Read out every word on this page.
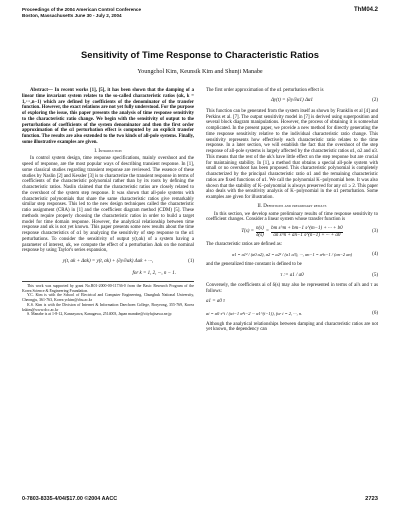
Proceedings of the 2004 American Control Conference
Boston, Massachusetts June 30 - July 2, 2004
ThM04.2
Sensitivity of Time Response to Characteristic Ratios
Youngchol Kim, Keunsik Kim and Shunji Manabe

Abstract— In recent works [1], [5], it has been shown that the damping of a linear time invariant system relates to the so-called characteristic ratios (αk, k = 1,···,n−1) which are defined by coefficients of the denominator of the transfer function. However, the exact relations are not yet fully understood. For the purpose of exploring the issue, this paper presents the analysis of time response sensitivity to the characteristic ratio change. We begin with the sensitivity of output to the perturbations of coefficients of the system denominator and then the first order approximation of the α1 perturbation effect is computed by an explicit transfer function. The results are also extended to the two kinds of all-pole systems. Finally, some illustrative examples are given.

I. Introduction

In control system design, time response specifications, mainly overshoot and the speed of response, are the most popular ways of describing transient response. In [1], some classical studies regarding transient response are reviewed. The essence of these studies by Naslin [2] and Kessler [3] is to characterize the transient response in terms of coefficients of the characteristic polynomial rather than by its roots by defining the characteristic ratios. Naslin claimed that the characteristic ratios are closely related to the overshoot of the system step response. It was shown that all-pole systems with characteristic polynomials that share the same characteristic ratios give remarkably similar step responses. This led to the new design techniques called the characteristic ratio assignment (CRA) in [1] and the coefficient diagram method (CDM) [5]. These methods require properly choosing the characteristic ratios in order to build a target model for time domain response. However, the analytical relationship between time response and αk is not yet known. This paper presents some new results about the time response characteristics of α1 by analyzing the sensitivity of step response to the α1 perturbations. To consider the sensitivity of output y(t,αk) of a system having a parameter of interest, αk, we compute the effect of a perturbation Δαk on the nominal response by using Taylor's series expansion,

y(t, αk + Δαk) = y(t, αk) + (∂y/∂αk) Δαk + ···,	(1)
for k = 1, 2, ···, n − 1.

This work was supported by grant No.R01-2000-00-11736-0 from the Basic Research Program of the Korea Science & Engineering Foundation.

Y.C. Kim is with the School of Electrical and Computer Engineering, Chungbuk National University, Cheongju, 361-763, Korea yckim@cbu.ac.kr

K.S. Kim is with the Division of Internet & Information Daechoen College, Boryeong, 355-769, Korea kskim@www.dcc.ac.kr

S. Manabe is at 1-8-12, Kanazyawa, Kanagawa, 2514003, Japan manabe@cityfujisawa.ne.jp

The first order approximation of the α1 perturbation effect is

Δy(t) = (∂y/∂α1) Δα1	(2)

This function can be generated from the system itself as shown by Franklin et al [4] and Perkins et al. [7]. The output sensitivity model in [7] is derived using superposition and several block diagram manipulations. However, the process of obtaining it is somewhat complicated. In the present paper, we provide a new method for directly generating the time response sensitivity relative to the individual characteristic ratio change. This sensitivity represents how effectively each characteristic ratio relates to the time response. In a later section, we will establish the fact that the overshoot of the step response of all-pole systems is largely affected by the characteristic ratios α1, α2 and α3. This means that the rest of the αk's have little effect on the step response but are crucial for maintaining stability. In [1], a method that obtains a special all-pole system with small or no overshoot has been proposed. This characteristic polynomial is completely characterized by the principal characteristic ratio α1 and the remaining characteristic ratios are fixed functions of α1. We call the polynomial K−polynomial here. It was also shown that the stability of K−polynomial is always preserved for any α1 ≥ 2. This paper also deals with the sensitivity analysis of K−polynomial in the α1 perturbation. Some examples are given for illustration.

II. Definitions and preliminary results

In this section, we develop some preliminary results of time response sensitivity to coefficient changes. Consider a linear system whose transfer function is

$T(s) = \frac{n(s)}{\delta(s)} = \frac{\text{bm s\textasciicircum{}m + bm−1 s\textasciicircum{}(m−1) + ··· + b0}}{\text{an s\textasciicircum{}n + an−1 s\textasciicircum{}(n−1) + ··· + a0}}$	(3)

The characteristic ratios are defined as:

α1 = a1² / (a0 a2), α2 = a2² / (a1 a3), ···, αn−1 = a²n−1 / (an−2 an)	(4)

and the generalized time constant is defined to be

τ := a1 / a0	(5)

Conversely, the coefficients ai of δ(s) may also be represented in terms of ai's and τ as follows:

a1 = a0 τ
ai = a0 τ^i / (αi−1 α²i−2 ··· α1^(i−1)), for i = 2, ···, n.	(6)

Although the analytical relationships between damping and characteristic ratios are not yet known, the dependency can

0-7803-8335-4/04/$17.00 ©2004 AACC	2723
